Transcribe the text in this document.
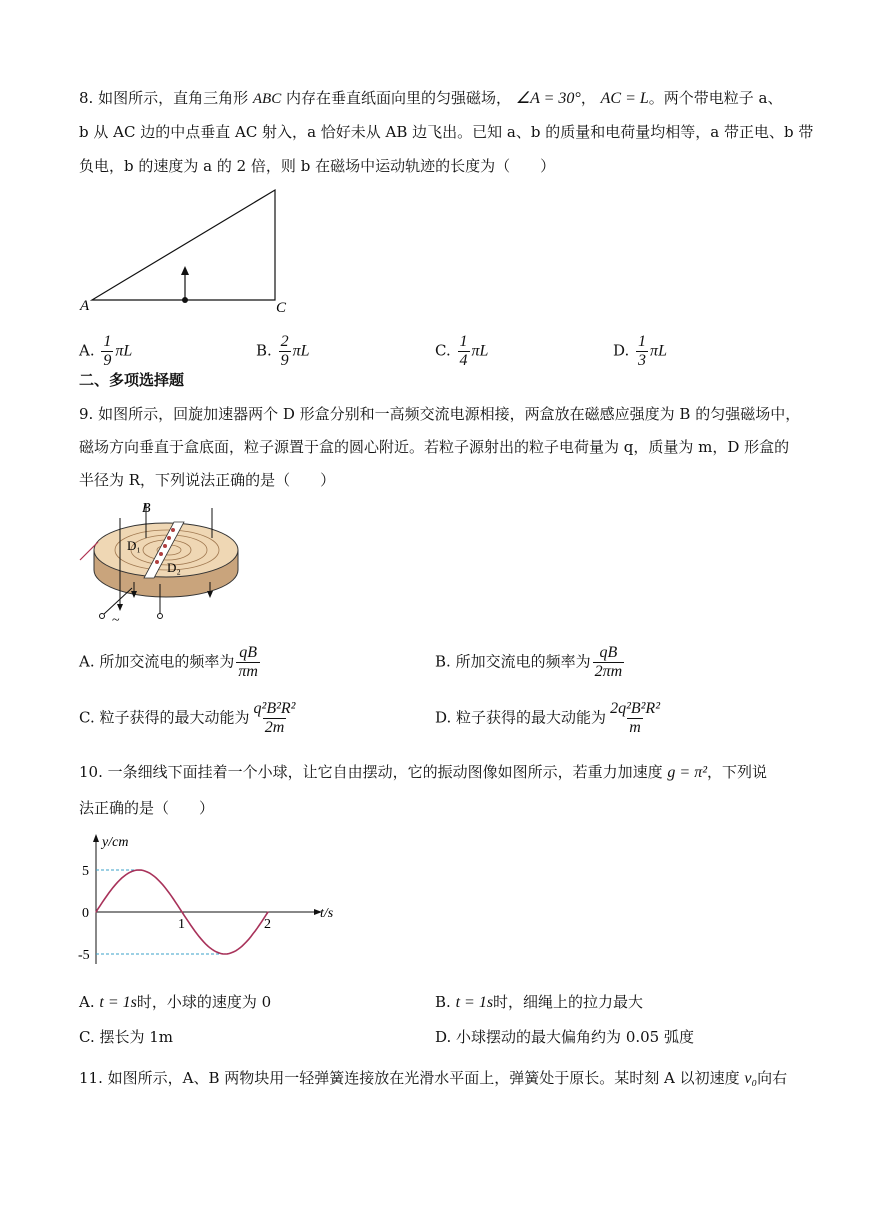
8. 如图所示，直角三角形 ABC 内存在垂直纸面向里的匀强磁场， ∠A = 30°， AC = L。两个带电粒子 a、
b 从 AC 边的中点垂直 AC 射入，a 恰好未从 AB 边飞出。已知 a、b 的质量和电荷量均相等，a 带正电、b 带
负电，b 的速度为 a 的 2 倍，则 b 在磁场中运动轨迹的长度为（　　）
A	C
A. $\frac{1}{9}$ πL	B. $\frac{2}{9}$ πL	C. $\frac{1}{4}$ πL	D. $\frac{1}{3}$ πL
二、多项选择题
9. 如图所示，回旋加速器两个 D 形盒分别和一高频交流电源相接，两盒放在磁感应强度为 B 的匀强磁场中，
磁场方向垂直于盒底面，粒子源置于盒的圆心附近。若粒子源射出的粒子电荷量为 q，质量为 m，D 形盒的
半径为 R，下列说法正确的是（　　）
B
D₁
D₂
~
A. 所加交流电的频率为 $\frac{qB}{\pi m}$	B. 所加交流电的频率为 $\frac{qB}{2\pi m}$
C. 粒子获得的最大动能为 $\frac{\text{q²B²R²}}{2m}$	D. 粒子获得的最大动能为 $\frac{\text{2q²B²R²}}{m}$
10. 一条细线下面挂着一个小球，让它自由摆动，它的振动图像如图所示，若重力加速度 g = π²，下列说
法正确的是（　　）
y/cm
t/s
5
0
-5
1	2
A. t = 1s时，小球的速度为 0	B. t = 1s时，细绳上的拉力最大
C. 摆长为 1m	D. 小球摆动的最大偏角约为 0.05 弧度
11. 如图所示，A、B 两物块用一轻弹簧连接放在光滑水平面上，弹簧处于原长。某时刻 A 以初速度 v₀向右
